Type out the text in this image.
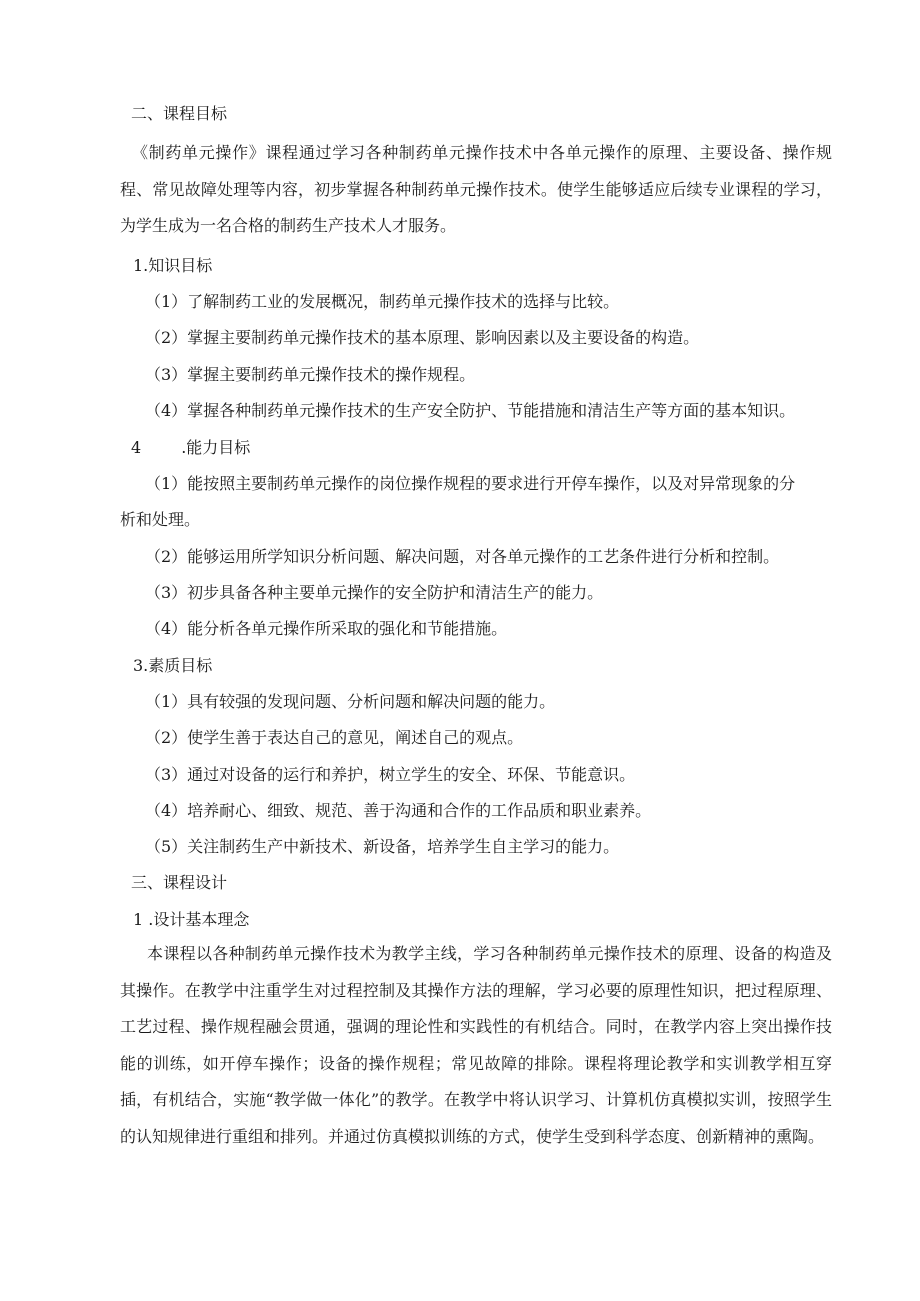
二、课程目标

《制药单元操作》课程通过学习各种制药单元操作技术中各单元操作的原理、主要设备、操作规程、常见故障处理等内容，初步掌握各种制药单元操作技术。使学生能够适应后续专业课程的学习，为学生成为一名合格的制药生产技术人才服务。

1.知识目标
（1）了解制药工业的发展概况，制药单元操作技术的选择与比较。
（2）掌握主要制药单元操作技术的基本原理、影响因素以及主要设备的构造。
（3）掌握主要制药单元操作技术的操作规程。
（4）掌握各种制药单元操作技术的生产安全防护、节能措施和清洁生产等方面的基本知识。
4	.能力目标
（1）能按照主要制药单元操作的岗位操作规程的要求进行开停车操作，以及对异常现象的分
析和处理。
（2）能够运用所学知识分析问题、解决问题，对各单元操作的工艺条件进行分析和控制。
（3）初步具备各种主要单元操作的安全防护和清洁生产的能力。
（4）能分析各单元操作所采取的强化和节能措施。
3.素质目标
（1）具有较强的发现问题、分析问题和解决问题的能力。
（2）使学生善于表达自己的意见，阐述自己的观点。
（3）通过对设备的运行和养护，树立学生的安全、环保、节能意识。
（4）培养耐心、细致、规范、善于沟通和合作的工作品质和职业素养。
（5）关注制药生产中新技术、新设备，培养学生自主学习的能力。
三、课程设计
1 .设计基本理念

本课程以各种制药单元操作技术为教学主线，学习各种制药单元操作技术的原理、设备的构造及其操作。在教学中注重学生对过程控制及其操作方法的理解，学习必要的原理性知识，把过程原理、工艺过程、操作规程融会贯通，强调的理论性和实践性的有机结合。同时，在教学内容上突出操作技能的训练，如开停车操作；设备的操作规程；常见故障的排除。课程将理论教学和实训教学相互穿插，有机结合，实施“教学做一体化”的教学。在教学中将认识学习、计算机仿真模拟实训，按照学生的认知规律进行重组和排列。并通过仿真模拟训练的方式，使学生受到科学态度、创新精神的熏陶。
